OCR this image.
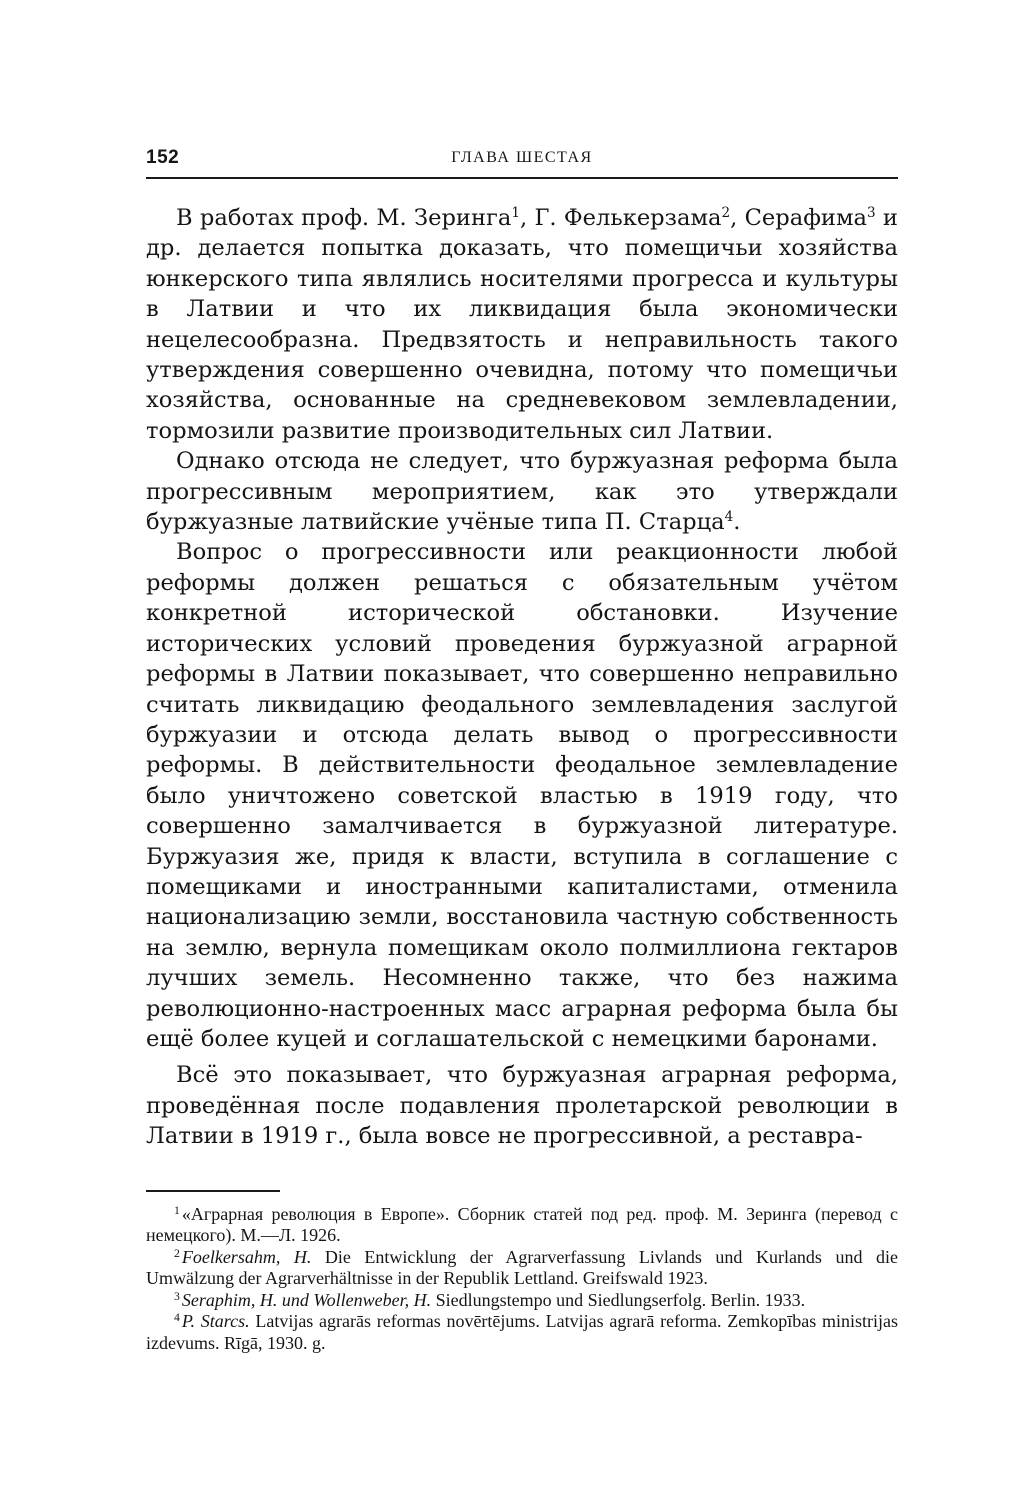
152	ГЛАВА ШЕСТАЯ

В работах проф. М. Зеринга$^1$, Г. Фелькерзама$^2$, Серафима$^3$ и др. делается попытка доказать, что помещичьи хозяйства юнкерского типа являлись носителями прогресса и культуры в Латвии и что их ликвидация была экономически нецелесообразна. Предвзятость и неправильность такого утверждения совершенно очевидна, потому что помещичьи хозяйства, основанные на средневековом землевладении, тормозили развитие производительных сил Латвии.

Однако отсюда не следует, что буржуазная реформа была прогрессивным мероприятием, как это утверждали буржуазные латвийские учёные типа П. Старца$^4$.

Вопрос о прогрессивности или реакционности любой реформы должен решаться с обязательным учётом конкретной исторической обстановки. Изучение исторических условий проведения буржуазной аграрной реформы в Латвии показывает, что совершенно неправильно считать ликвидацию феодального землевладения заслугой буржуазии и отсюда делать вывод о прогрессивности реформы. В действительности феодальное землевладение было уничтожено советской властью в 1919 году, что совершенно замалчивается в буржуазной литературе. Буржуазия же, придя к власти, вступила в соглашение с помещиками и иностранными капиталистами, отменила национализацию земли, восстановила частную собственность на землю, вернула помещикам около полмиллиона гектаров лучших земель. Несомненно также, что без нажима революционно-настроенных масс аграрная реформа была бы ещё более куцей и соглашательской с немецкими баронами.

Всё это показывает, что буржуазная аграрная реформа, проведённая после подавления пролетарской революции в Латвии в 1919 г., была вовсе не прогрессивной, а реставра-

$^1$ «Аграрная революция в Европе». Сборник статей под ред. проф. М. Зеринга (перевод с немецкого). М.—Л. 1926.

$^2$ Foelkersahm, H. Die Entwicklung der Agrarverfassung Livlands und Kurlands und die Umwälzung der Agrarverhältnisse in der Republik Lettland. Greifswald 1923.

$^3$ Seraphim, H. und Wollenweber, H. Siedlungstempo und Siedlungserfolg. Berlin. 1933.

$^4$ P. Starcs. Latvijas agrarās reformas novērtējums. Latvijas agrarā reforma. Zemkopības ministrijas izdevums. Rīgā, 1930. g.
